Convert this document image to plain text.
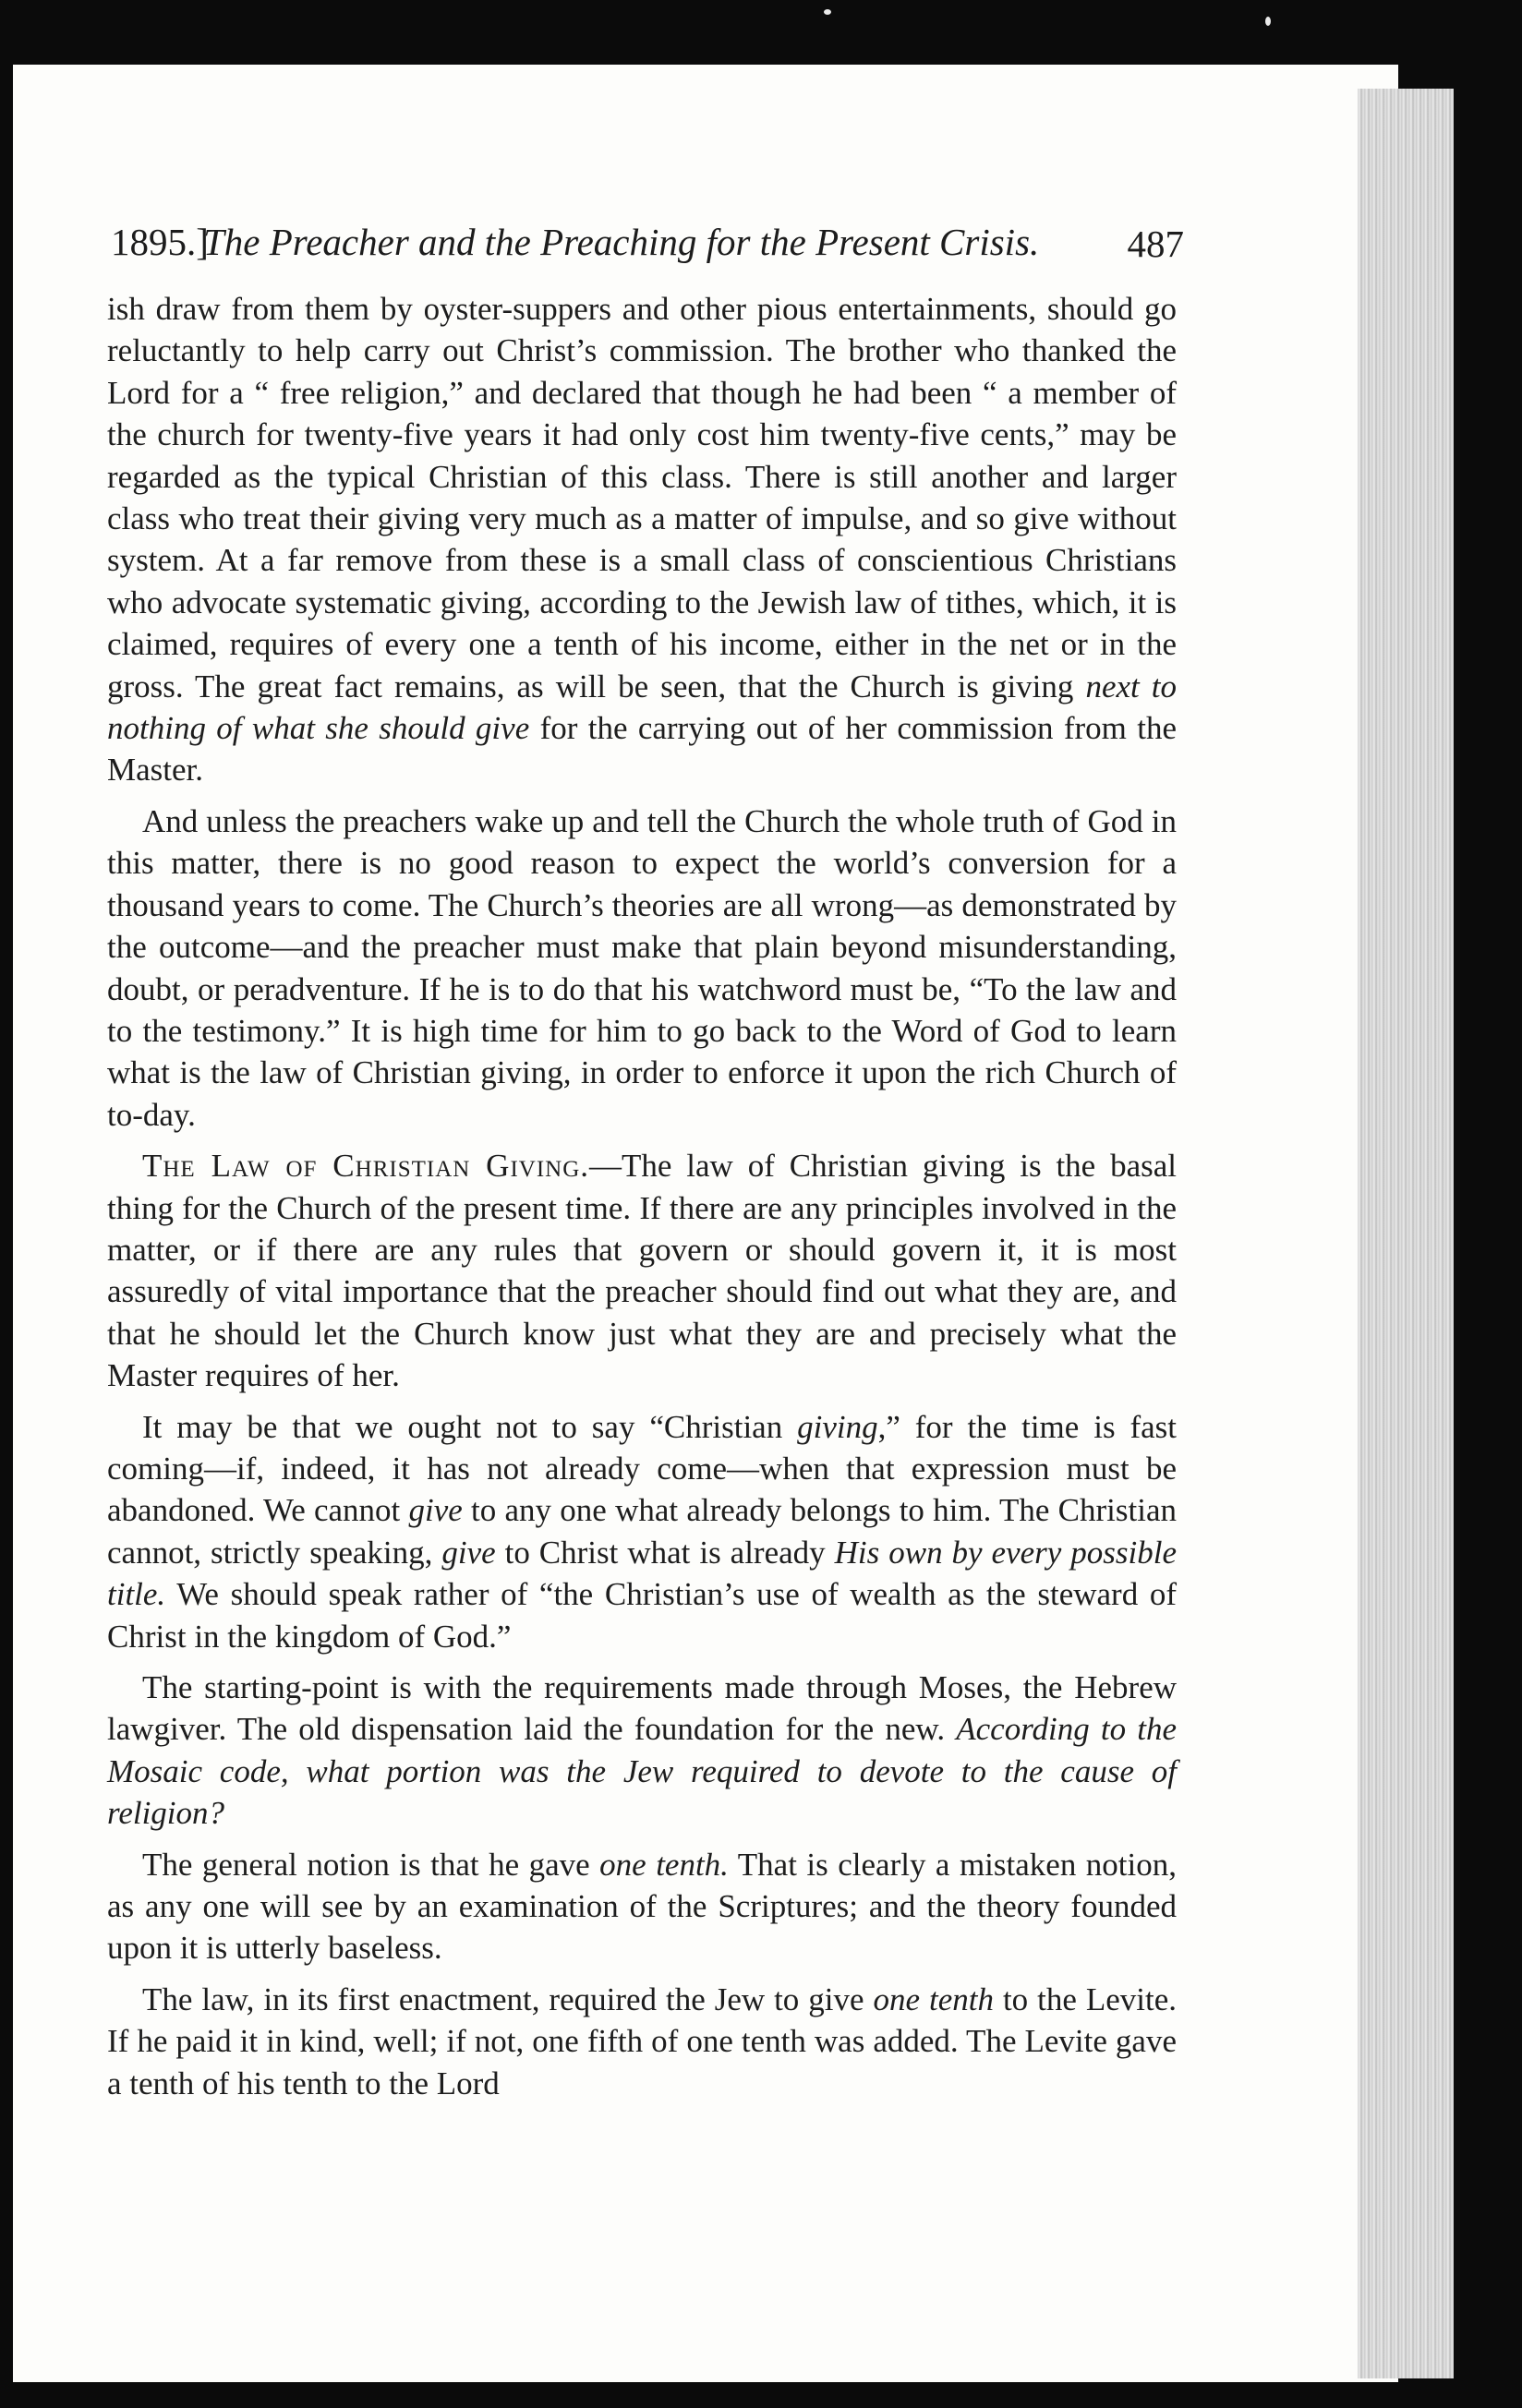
1895.]
The Preacher and the Preaching for the Present Crisis. 487

ish draw from them by oyster-suppers and other pious entertainments, should go reluctantly to help carry out Christ’s commission. The brother who thanked the Lord for a “ free religion,” and declared that though he had been “ a member of the church for twenty-five years it had only cost him twenty-five cents,” may be regarded as the typical Christian of this class. There is still another and larger class who treat their giving very much as a matter of impulse, and so give without system. At a far remove from these is a small class of conscientious Christians who advocate systematic giving, according to the Jewish law of tithes, which, it is claimed, requires of every one a tenth of his income, either in the net or in the gross. The great fact remains, as will be seen, that the Church is giving next to nothing of what she should give for the carrying out of her commission from the Master.

And unless the preachers wake up and tell the Church the whole truth of God in this matter, there is no good reason to expect the world’s conversion for a thousand years to come. The Church’s theories are all wrong—as demonstrated by the outcome—and the preacher must make that plain beyond misunderstanding, doubt, or peradventure. If he is to do that his watchword must be, “To the law and to the testimony.” It is high time for him to go back to the Word of God to learn what is the law of Christian giving, in order to enforce it upon the rich Church of to-day.

The Law of Christian Giving.—The law of Christian giving is the basal thing for the Church of the present time. If there are any principles involved in the matter, or if there are any rules that govern or should govern it, it is most assuredly of vital importance that the preacher should find out what they are, and that he should let the Church know just what they are and precisely what the Master requires of her.

It may be that we ought not to say “Christian giving,” for the time is fast coming—if, indeed, it has not already come—when that expression must be abandoned. We cannot give to any one what already belongs to him. The Christian cannot, strictly speaking, give to Christ what is already His own by every possible title. We should speak rather of “the Christian’s use of wealth as the steward of Christ in the kingdom of God.”

The starting-point is with the requirements made through Moses, the Hebrew lawgiver. The old dispensation laid the foundation for the new. According to the Mosaic code, what portion was the Jew required to devote to the cause of religion?

The general notion is that he gave one tenth. That is clearly a mistaken notion, as any one will see by an examination of the Scriptures; and the theory founded upon it is utterly baseless.

The law, in its first enactment, required the Jew to give one tenth to the Levite. If he paid it in kind, well; if not, one fifth of one tenth was added. The Levite gave a tenth of his tenth to the Lord
